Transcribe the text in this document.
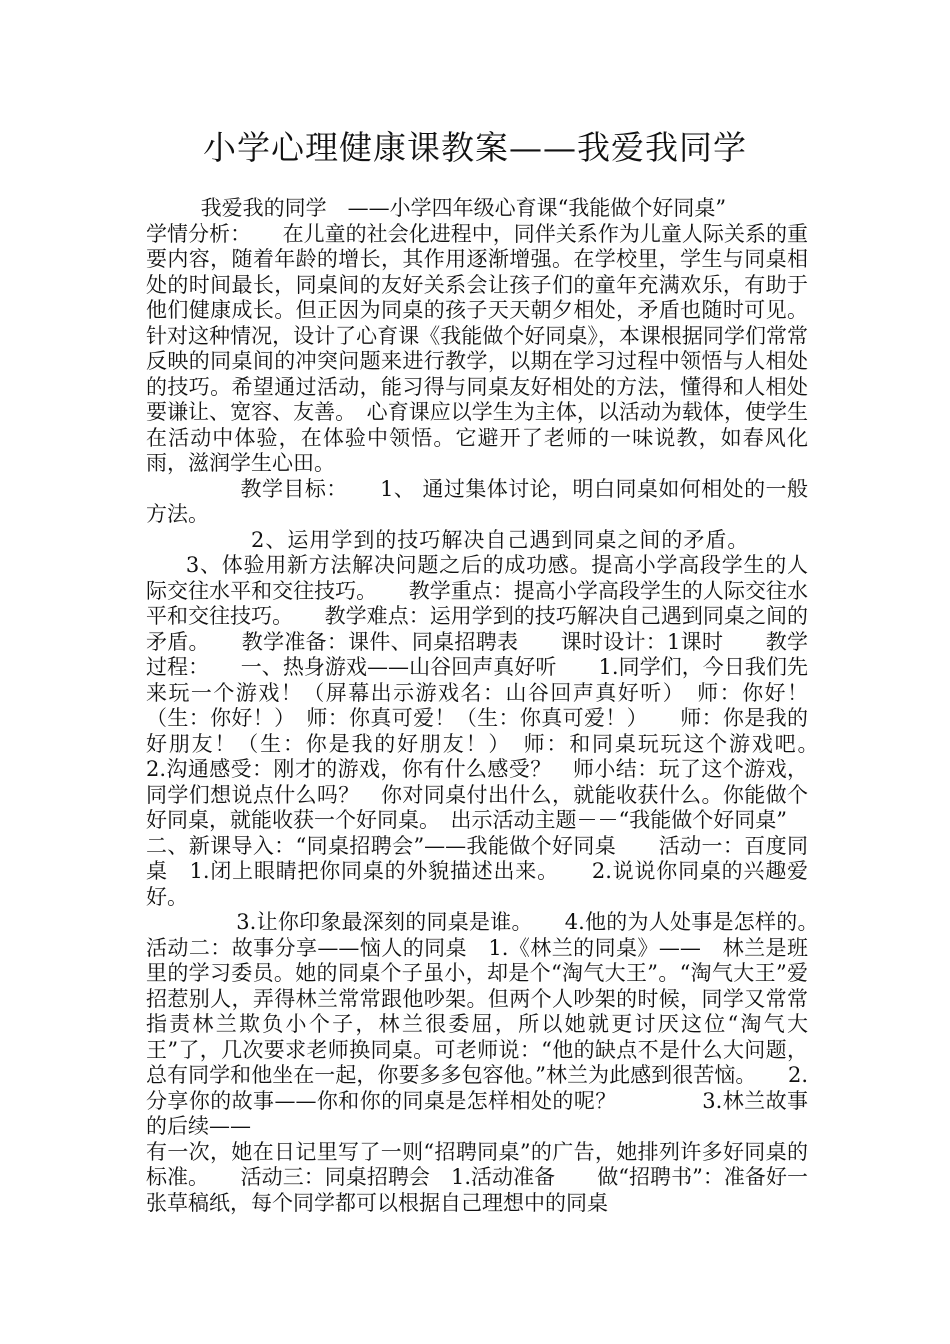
小学心理健康课教案——我爱我同学

我爱我的同学　——小学四年级心育课“我能做个好同桌”

学情分析：　　在儿童的社会化进程中，同伴关系作为儿童人际关系的重要内容，随着年龄的增长，其作用逐渐增强。在学校里，学生与同桌相处的时间最长，同桌间的友好关系会让孩子们的童年充满欢乐，有助于他们健康成长。但正因为同桌的孩子天天朝夕相处，矛盾也随时可见。针对这种情况，设计了心育课《我能做个好同桌》，本课根据同学们常常反映的同桌间的冲突问题来进行教学，以期在学习过程中领悟与人相处的技巧。希望通过活动，能习得与同桌友好相处的方法，懂得和人相处要谦让、宽容、友善。　心育课应以学生为主体，以活动为载体，使学生在活动中体验，在体验中领悟。它避开了老师的一味说教，如春风化雨，滋润学生心田。

教学目标：　　1、 通过集体讨论，明白同桌如何相处的一般方法。

2、运用学到的技巧解决自己遇到同桌之间的矛盾。

3、体验用新方法解决问题之后的成功感。提高小学高段学生的人际交往水平和交往技巧。　　教学重点：提高小学高段学生的人际交往水平和交往技巧。　　教学难点：运用学到的技巧解决自己遇到同桌之间的矛盾。　　教学准备：课件、同桌招聘表　　课时设计：1课时　　教学过程：　　一、热身游戏——山谷回声真好听　　1.同学们，今日我们先来玩一个游戏！（屏幕出示游戏名：山谷回声真好听）　师：你好！（生：你好！）　师：你真可爱！（生：你真可爱！）　　师：你是我的好朋友！（生：你是我的好朋友！）　师：和同桌玩玩这个游戏吧。　　2.沟通感受：刚才的游戏，你有什么感受？　师小结：玩了这个游戏，同学们想说点什么吗？　你对同桌付出什么，就能收获什么。你能做个好同桌，就能收获一个好同桌。　出示活动主题－－“我能做个好同桌”

二、新课导入：“同桌招聘会”——我能做个好同桌　　活动一：百度同桌　1.闭上眼睛把你同桌的外貌描述出来。　　2.说说你同桌的兴趣爱好。

3.让你印象最深刻的同桌是谁。　　4.他的为人处事是怎样的。　　活动二：故事分享——恼人的同桌　1.《林兰的同桌》——　林兰是班里的学习委员。她的同桌个子虽小，却是个“淘气大王”。“淘气大王”爱招惹别人，弄得林兰常常跟他吵架。但两个人吵架的时候，同学又常常指责林兰欺负小个子，林兰很委屈，所以她就更讨厌这位“淘气大王”了，几次要求老师换同桌。可老师说：“他的缺点不是什么大问题，总有同学和他坐在一起，你要多多包容他。”林兰为此感到很苦恼。　　2.分享你的故事——你和你的同桌是怎样相处的呢？　　　　3.林兰故事的后续——

有一次，她在日记里写了一则“招聘同桌”的广告，她排列许多好同桌的标准。　　活动三：同桌招聘会　1.活动准备　　做“招聘书”：准备好一张草稿纸，每个同学都可以根据自己理想中的同桌
